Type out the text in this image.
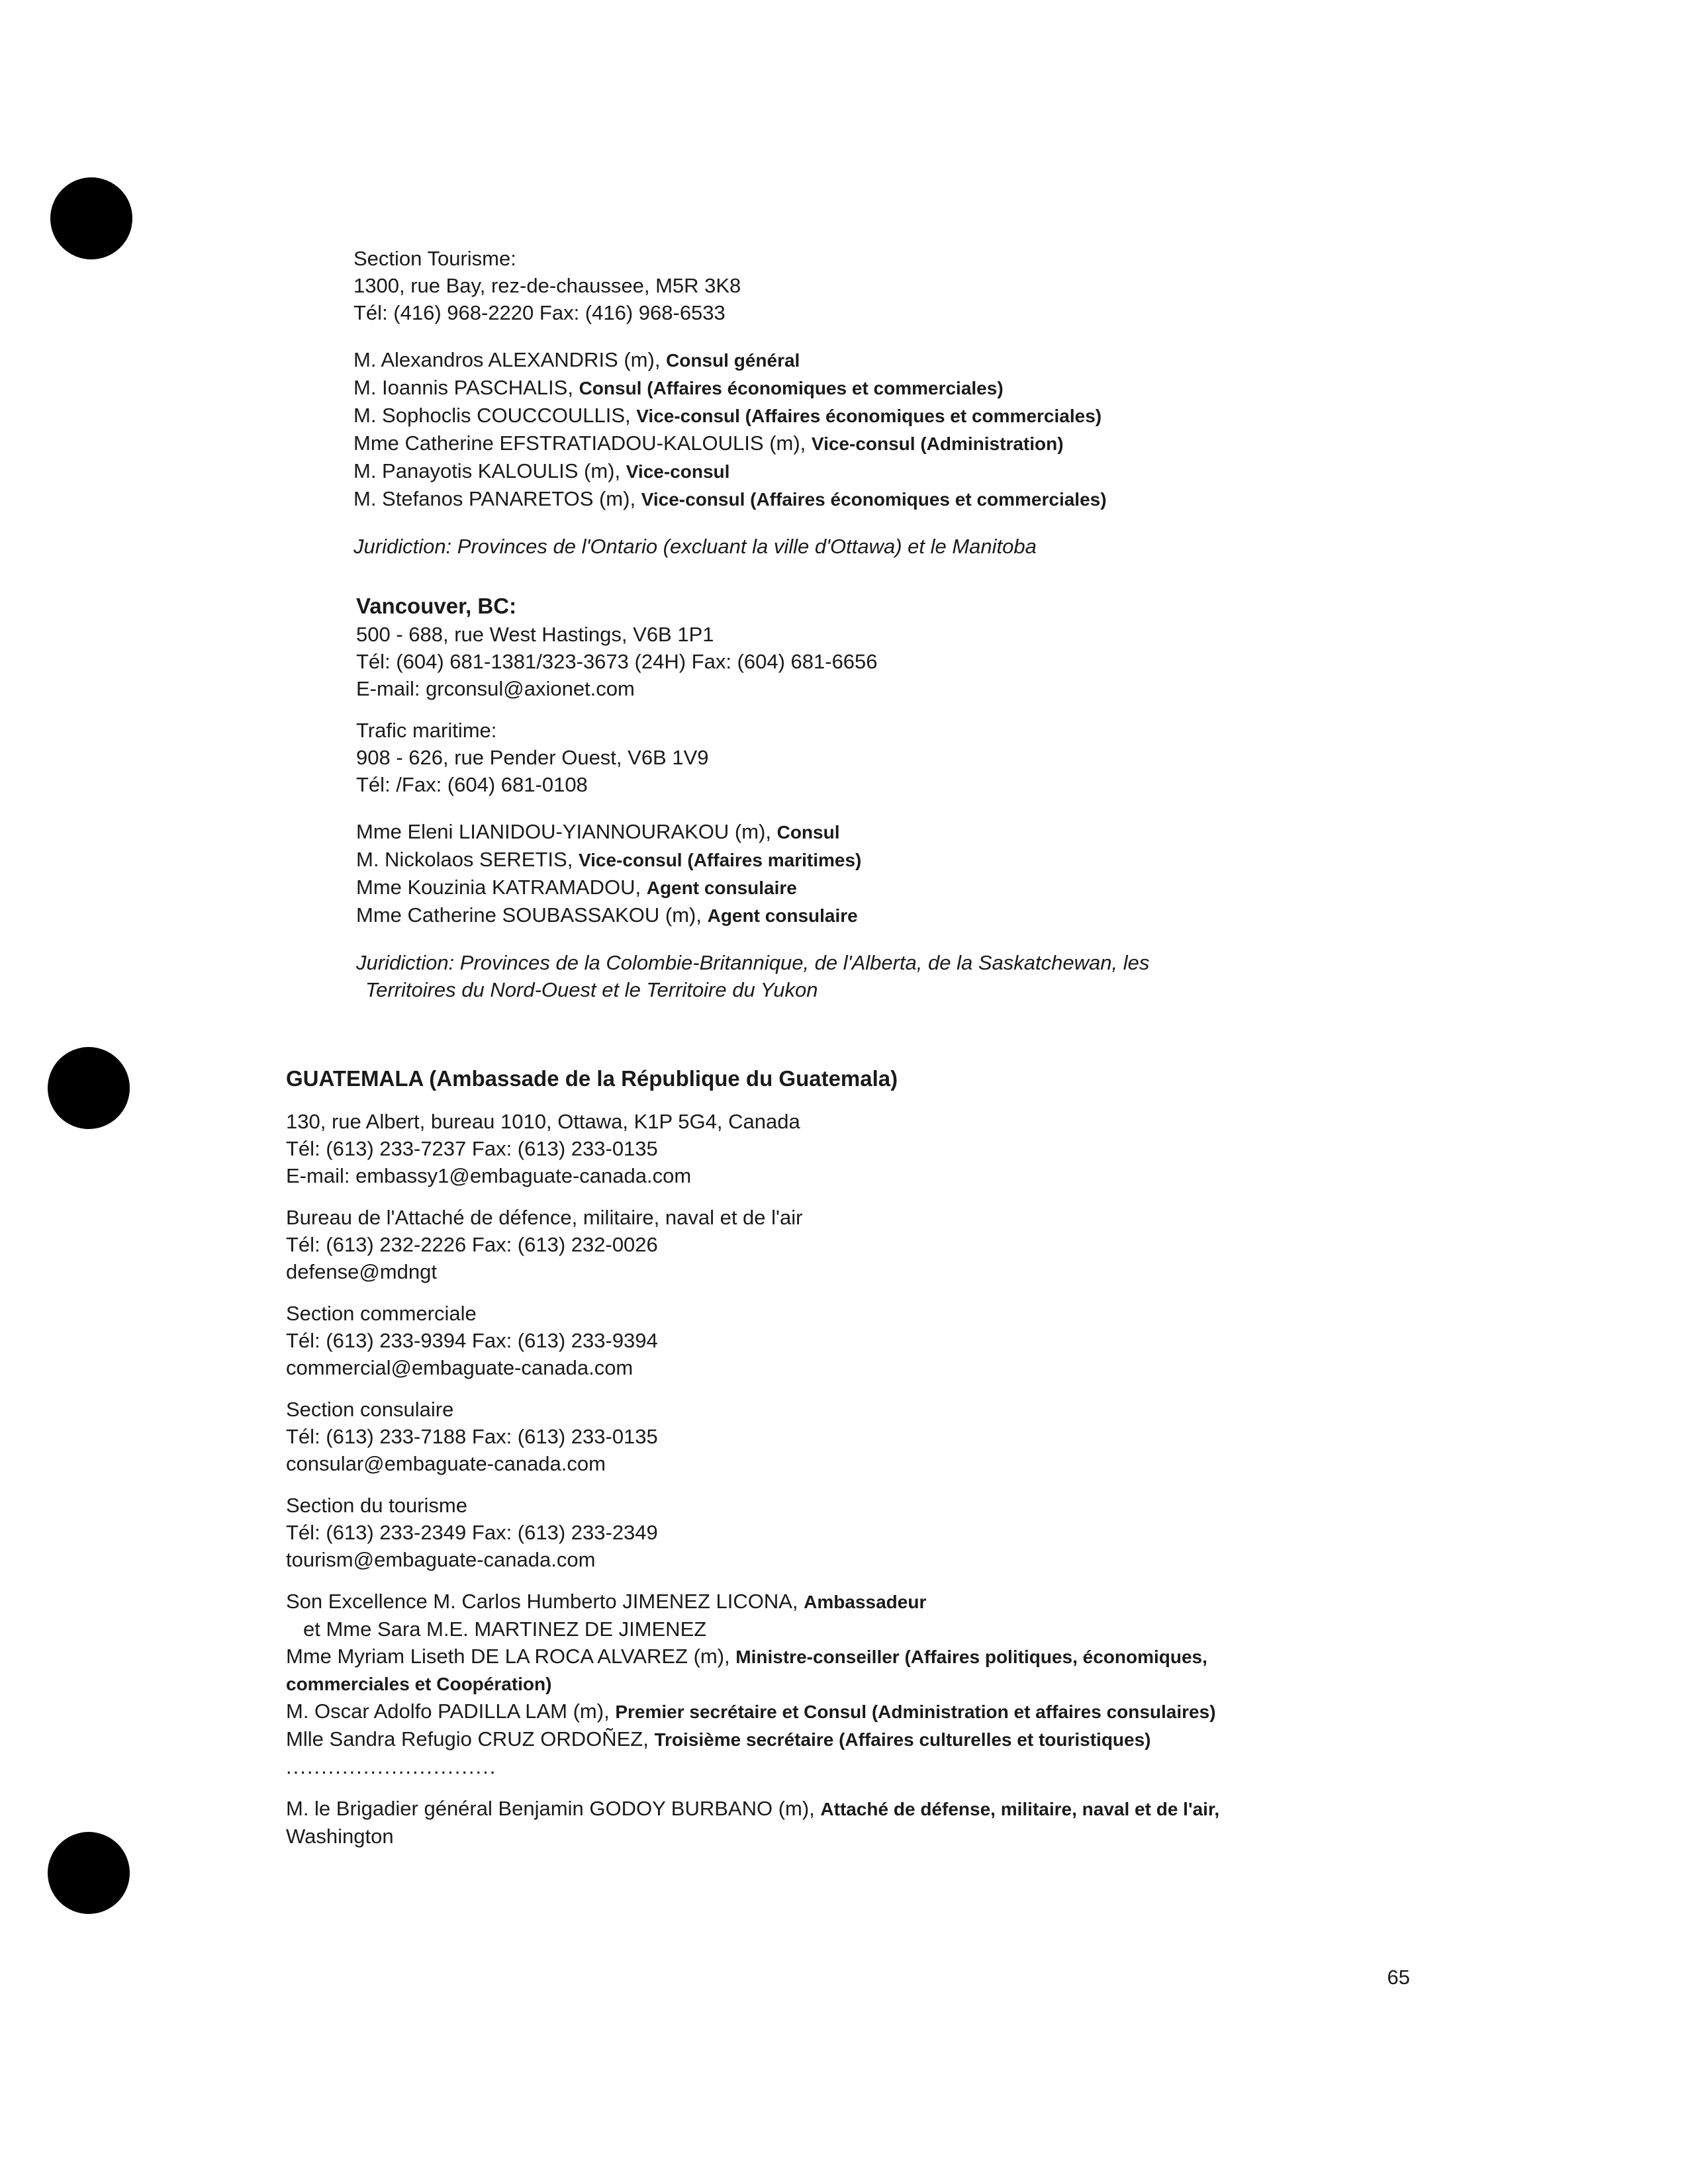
Section Tourisme:
1300, rue Bay, rez-de-chaussee, M5R 3K8
Tél: (416) 968-2220 Fax: (416) 968-6533
M. Alexandros ALEXANDRIS (m), Consul général
M. Ioannis PASCHALIS, Consul (Affaires économiques et commerciales)
M. Sophoclis COUCCOULLIS, Vice-consul (Affaires économiques et commerciales)
Mme Catherine EFSTRATIADOU-KALOULIS (m), Vice-consul (Administration)
M. Panayotis KALOULIS (m), Vice-consul
M. Stefanos PANARETOS (m), Vice-consul (Affaires économiques et commerciales)
Juridiction: Provinces de l'Ontario (excluant la ville d'Ottawa) et le Manitoba
Vancouver, BC:
500 - 688, rue West Hastings, V6B 1P1
Tél: (604) 681-1381/323-3673 (24H) Fax: (604) 681-6656
E-mail: grconsul@axionet.com
Trafic maritime:
908 - 626, rue Pender Ouest, V6B 1V9
Tél: /Fax: (604) 681-0108
Mme Eleni LIANIDOU-YIANNOURAKOU (m), Consul
M. Nickolaos SERETIS, Vice-consul (Affaires maritimes)
Mme Kouzinia KATRAMADOU, Agent consulaire
Mme Catherine SOUBASSAKOU (m), Agent consulaire
Juridiction: Provinces de la Colombie-Britannique, de l'Alberta, de la Saskatchewan, les
Territoires du Nord-Ouest et le Territoire du Yukon
GUATEMALA (Ambassade de la République du Guatemala)
130, rue Albert, bureau 1010, Ottawa, K1P 5G4, Canada
Tél: (613) 233-7237 Fax: (613) 233-0135
E-mail: embassy1@embaguate-canada.com
Bureau de l'Attaché de défence, militaire, naval et de l'air
Tél: (613) 232-2226 Fax: (613) 232-0026
defense@mdngt
Section commerciale
Tél: (613) 233-9394 Fax: (613) 233-9394
commercial@embaguate-canada.com
Section consulaire
Tél: (613) 233-7188 Fax: (613) 233-0135
consular@embaguate-canada.com
Section du tourisme
Tél: (613) 233-2349 Fax: (613) 233-2349
tourism@embaguate-canada.com
Son Excellence M. Carlos Humberto JIMENEZ LICONA, Ambassadeur
et Mme Sara M.E. MARTINEZ DE JIMENEZ
Mme Myriam Liseth DE LA ROCA ALVAREZ (m), Ministre-conseiller (Affaires politiques, économiques,
commerciales et Coopération)
M. Oscar Adolfo PADILLA LAM (m), Premier secrétaire et Consul (Administration et affaires consulaires)
Mlle Sandra Refugio CRUZ ORDOÑEZ, Troisième secrétaire (Affaires culturelles et touristiques)
..............................
M. le Brigadier général Benjamin GODOY BURBANO (m), Attaché de défense, militaire, naval et de l'air,
Washington
65
